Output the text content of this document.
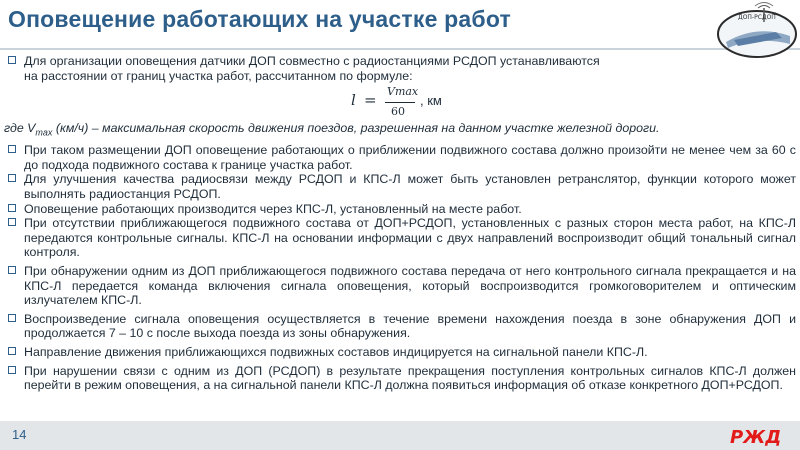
Оповещение работающих на участке работ	ДОП-РСДОП
Для организации оповещения датчики ДОП совместно с радиостанциями РСДОП устанавливаются
на расстоянии от границ участка работ, рассчитанном по формуле:
l = Vmax
60
, км
где $V_{max}$ (км/ч) – максимальная скорость движения поездов, разрешенная на данном участке железной дороги.
При таком размещении ДОП оповещение работающих о приближении подвижного состава должно произойти не менее чем за 60 с до подхода подвижного состава к границе участка работ.
Для улучшения качества радиосвязи между РСДОП и КПС-Л может быть установлен ретранслятор, функции которого может выполнять радиостанция РСДОП.
Оповещение работающих производится через КПС-Л, установленный на месте работ.
При отсутствии приближающегося подвижного состава от ДОП+РСДОП, установленных с разных сторон места работ, на КПС-Л передаются контрольные сигналы. КПС-Л на основании информации с двух направлений воспроизводит общий тональный сигнал контроля.
При обнаружении одним из ДОП приближающегося подвижного состава передача от него контрольного сигнала прекращается и на КПС-Л передается команда включения сигнала оповещения, который воспроизводится громкоговорителем и оптическим излучателем КПС-Л.
Воспроизведение сигнала оповещения осуществляется в течение времени нахождения поезда в зоне обнаружения ДОП и продолжается 7 – 10 с после выхода поезда из зоны обнаружения.
Направление движения приближающихся подвижных составов индицируется на сигнальной панели КПС-Л.
При нарушении связи с одним из ДОП (РСДОП) в результате прекращения поступления контрольных сигналов КПС-Л должен перейти в режим оповещения, а на сигнальной панели КПС-Л должна появиться информация об отказе конкретного ДОП+РСДОП.
14	РЖД
